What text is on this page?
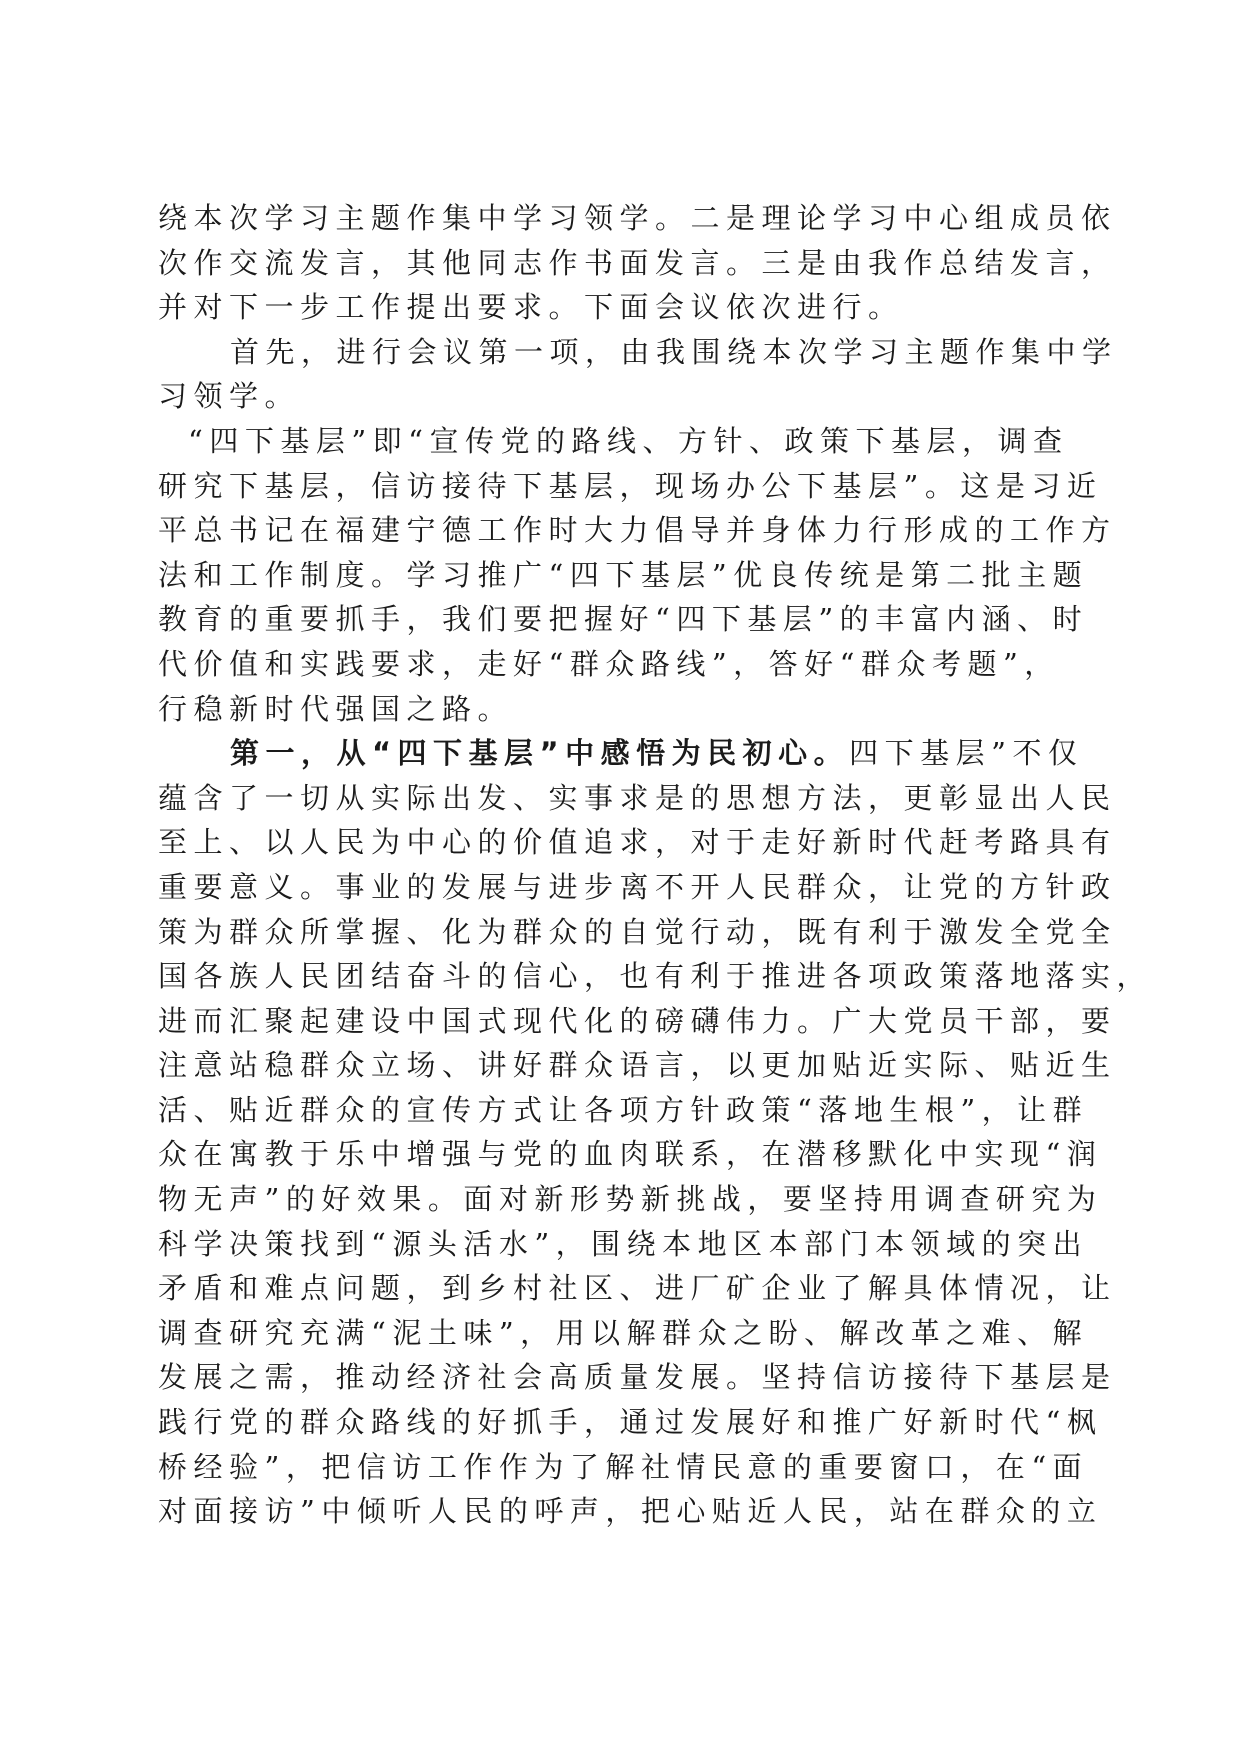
绕本次学习主题作集中学习领学。二是理论学习中心组成员依
次作交流发言，其他同志作书面发言。三是由我作总结发言，
并对下一步工作提出要求。下面会议依次进行。
首先，进行会议第一项，由我围绕本次学习主题作集中学
习领学。
“四下基层”即“宣传党的路线、方针、政策下基层，调查
研究下基层，信访接待下基层，现场办公下基层”。这是习近
平总书记在福建宁德工作时大力倡导并身体力行形成的工作方
法和工作制度。学习推广“四下基层”优良传统是第二批主题
教育的重要抓手，我们要把握好“四下基层”的丰富内涵、时
代价值和实践要求，走好“群众路线”，答好“群众考题”，
行稳新时代强国之路。
第一，从“四下基层”中感悟为民初心。四下基层”不仅
蕴含了一切从实际出发、实事求是的思想方法，更彰显出人民
至上、以人民为中心的价值追求，对于走好新时代赶考路具有
重要意义。事业的发展与进步离不开人民群众，让党的方针政
策为群众所掌握、化为群众的自觉行动，既有利于激发全党全
国各族人民团结奋斗的信心，也有利于推进各项政策落地落实，
进而汇聚起建设中国式现代化的磅礴伟力。广大党员干部，要
注意站稳群众立场、讲好群众语言，以更加贴近实际、贴近生
活、贴近群众的宣传方式让各项方针政策“落地生根”，让群
众在寓教于乐中增强与党的血肉联系，在潜移默化中实现“润
物无声”的好效果。面对新形势新挑战，要坚持用调查研究为
科学决策找到“源头活水”，围绕本地区本部门本领域的突出
矛盾和难点问题，到乡村社区、进厂矿企业了解具体情况，让
调查研究充满“泥土味”，用以解群众之盼、解改革之难、解
发展之需，推动经济社会高质量发展。坚持信访接待下基层是
践行党的群众路线的好抓手，通过发展好和推广好新时代“枫
桥经验”，把信访工作作为了解社情民意的重要窗口，在“面
对面接访”中倾听人民的呼声，把心贴近人民，站在群众的立
